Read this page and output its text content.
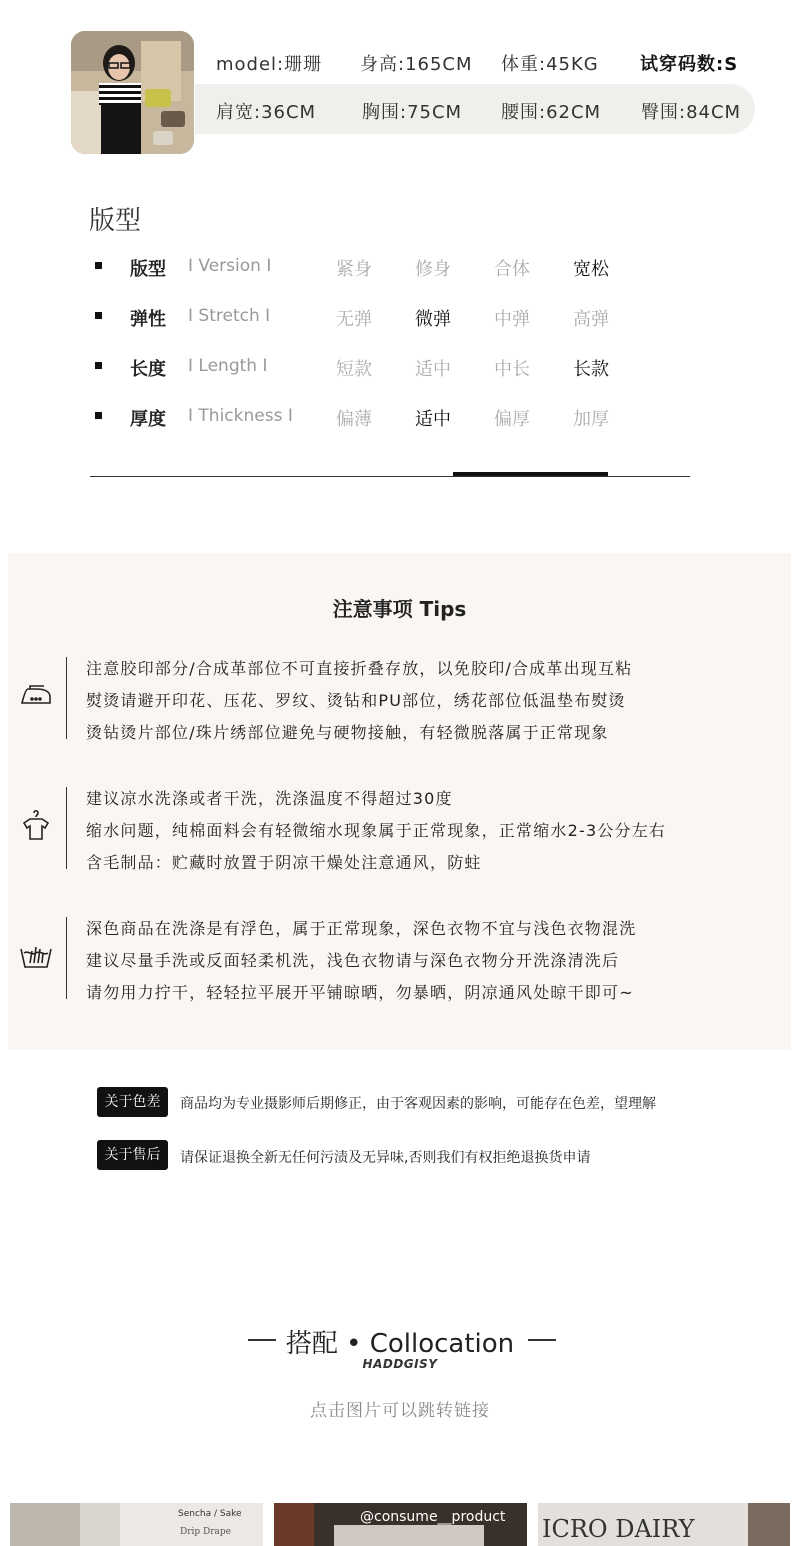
model:珊珊 身高:165CM 体重:45KG 试穿码数:S
肩宽:36CM	胸围:75CM 腰围:62CM 臀围:84CM
版型
版型 I Version I	紧身 修身 合体 宽松
弹性 I Stretch I	无弹 微弹 中弹 高弹
长度 I Length I	短款 适中 中长 长款
厚度 I Thickness I 偏薄 适中 偏厚 加厚
注意事项 Tips
注意胶印部分/合成革部位不可直接折叠存放，以免胶印/合成革出现互粘
熨烫请避开印花、压花、罗纹、烫钻和PU部位，绣花部位低温垫布熨烫
烫钻烫片部位/珠片绣部位避免与硬物接触，有轻微脱落属于正常现象
建议凉水洗涤或者干洗，洗涤温度不得超过30度
缩水问题，纯棉面料会有轻微缩水现象属于正常现象，正常缩水2-3公分左右
含毛制品：贮藏时放置于阴凉干燥处注意通风，防蛀
深色商品在洗涤是有浮色，属于正常现象，深色衣物不宜与浅色衣物混洗
建议尽量手洗或反面轻柔机洗，浅色衣物请与深色衣物分开洗涤清洗后
请勿用力拧干，轻轻拉平展开平铺晾晒，勿暴晒，阴凉通风处晾干即可~
关于色差	商品均为专业摄影师后期修正，由于客观因素的影响，可能存在色差，望理解
关于售后	请保证退换全新无任何污渍及无异味,否则我们有权拒绝退换货申请
搭配 • Collocation
HADDGISY
点击图片可以跳转链接
Sencha / Sake
Drip Drape
@consume__product ICRO DAIRY
